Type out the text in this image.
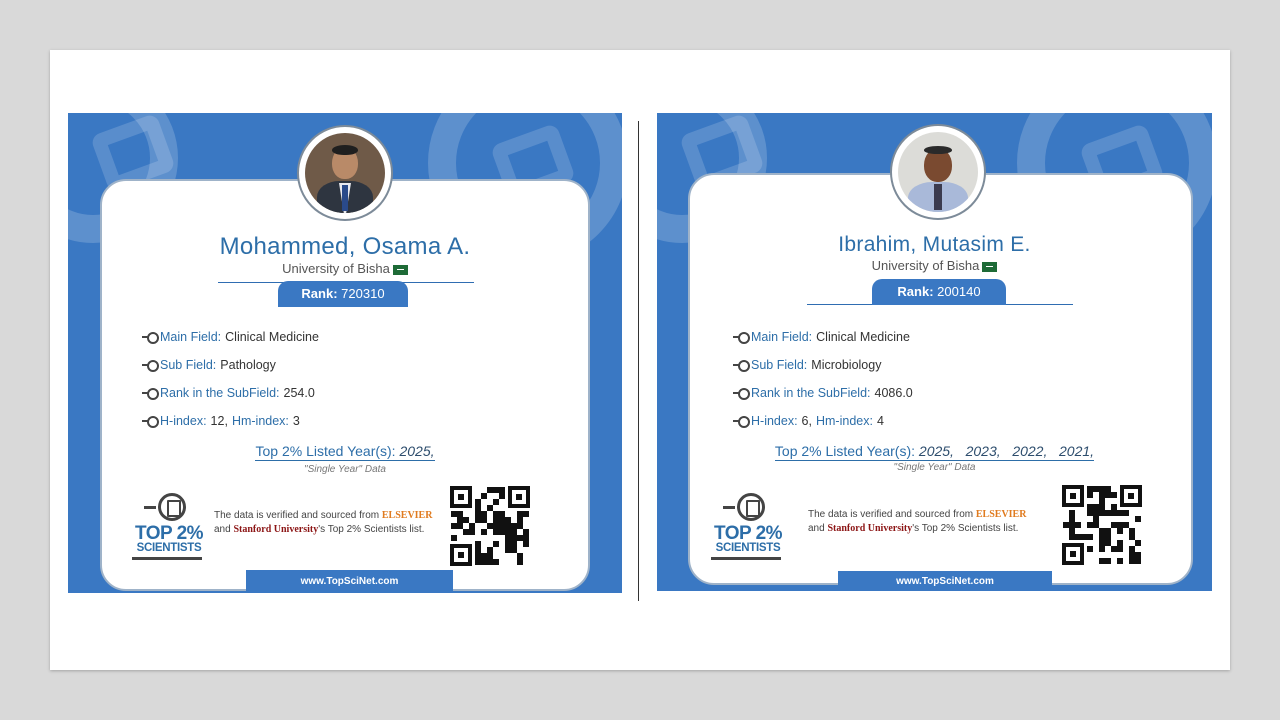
Mohammed, Osama A.
University of Bisha
Rank: 720310
Main Field: Clinical Medicine
Sub Field: Pathology
Rank in the SubField: 254.0
H-index: 12, Hm-index: 3
Top 2% Listed Year(s): 2025,
"Single Year" Data
TOP 2%
SCIENTISTS
The data is verified and sourced from ELSEVIER
and Stanford University's Top 2% Scientists list.
www.TopSciNet.com
Ibrahim, Mutasim E.
University of Bisha
Rank: 200140
Main Field: Clinical Medicine
Sub Field: Microbiology
Rank in the SubField: 4086.0
H-index: 6, Hm-index: 4
Top 2% Listed Year(s): 2025,   2023,   2022,   2021,
"Single Year" Data
TOP 2%
SCIENTISTS
The data is verified and sourced from ELSEVIER
and Stanford University's Top 2% Scientists list.
www.TopSciNet.com
